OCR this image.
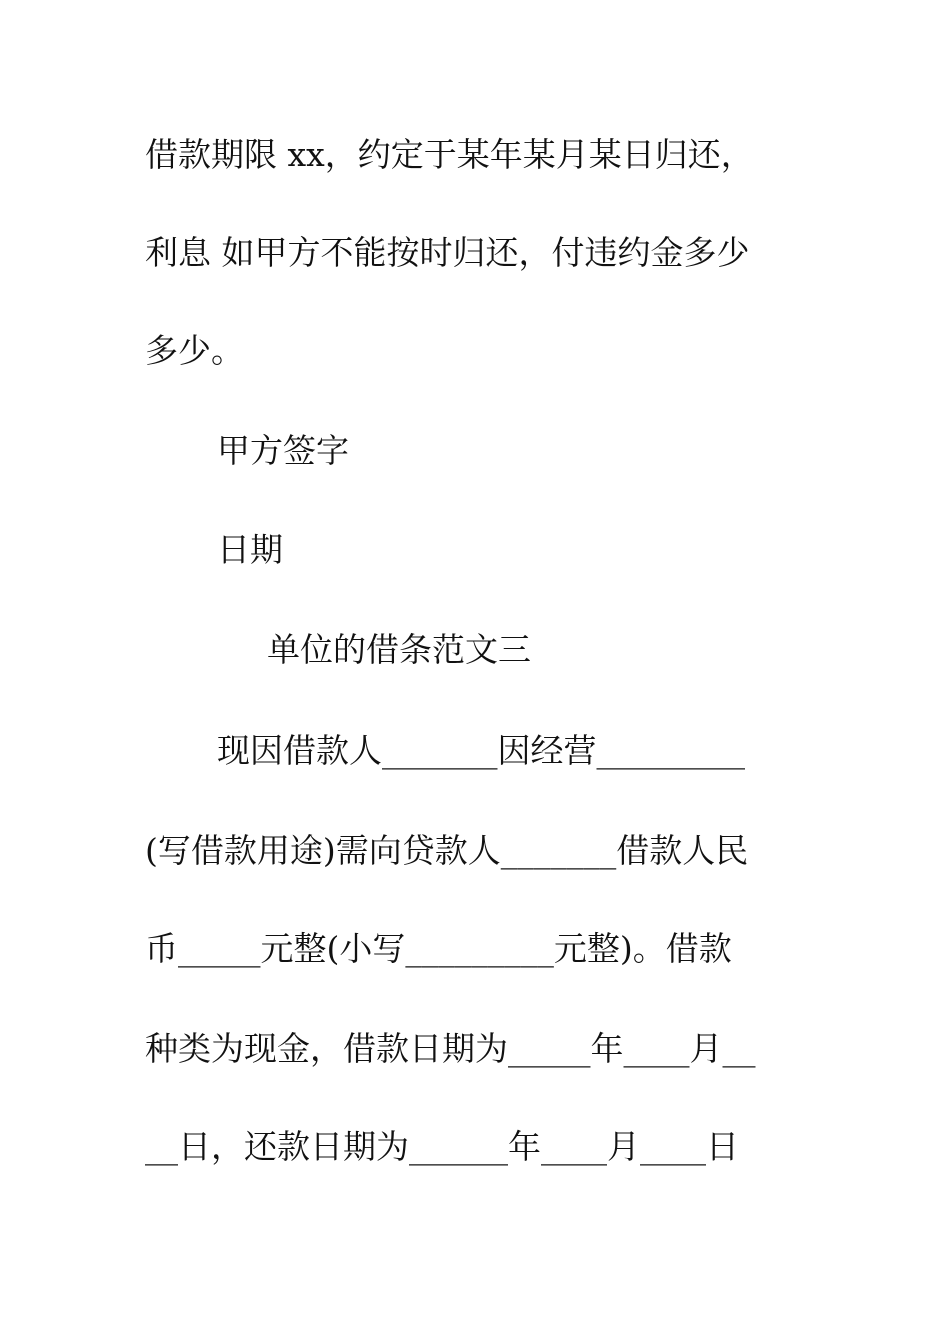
借款期限 xx，约定于某年某月某日归还，
利息 如甲方不能按时归还，付违约金多少
多少。
甲方签字
日期
单位的借条范文三
现因借款人_______因经营_________
(写借款用途)需向贷款人_______借款人民
币_____元整(小写_________元整)。借款
种类为现金，借款日期为_____年____月__
__日，还款日期为______年____月____日
